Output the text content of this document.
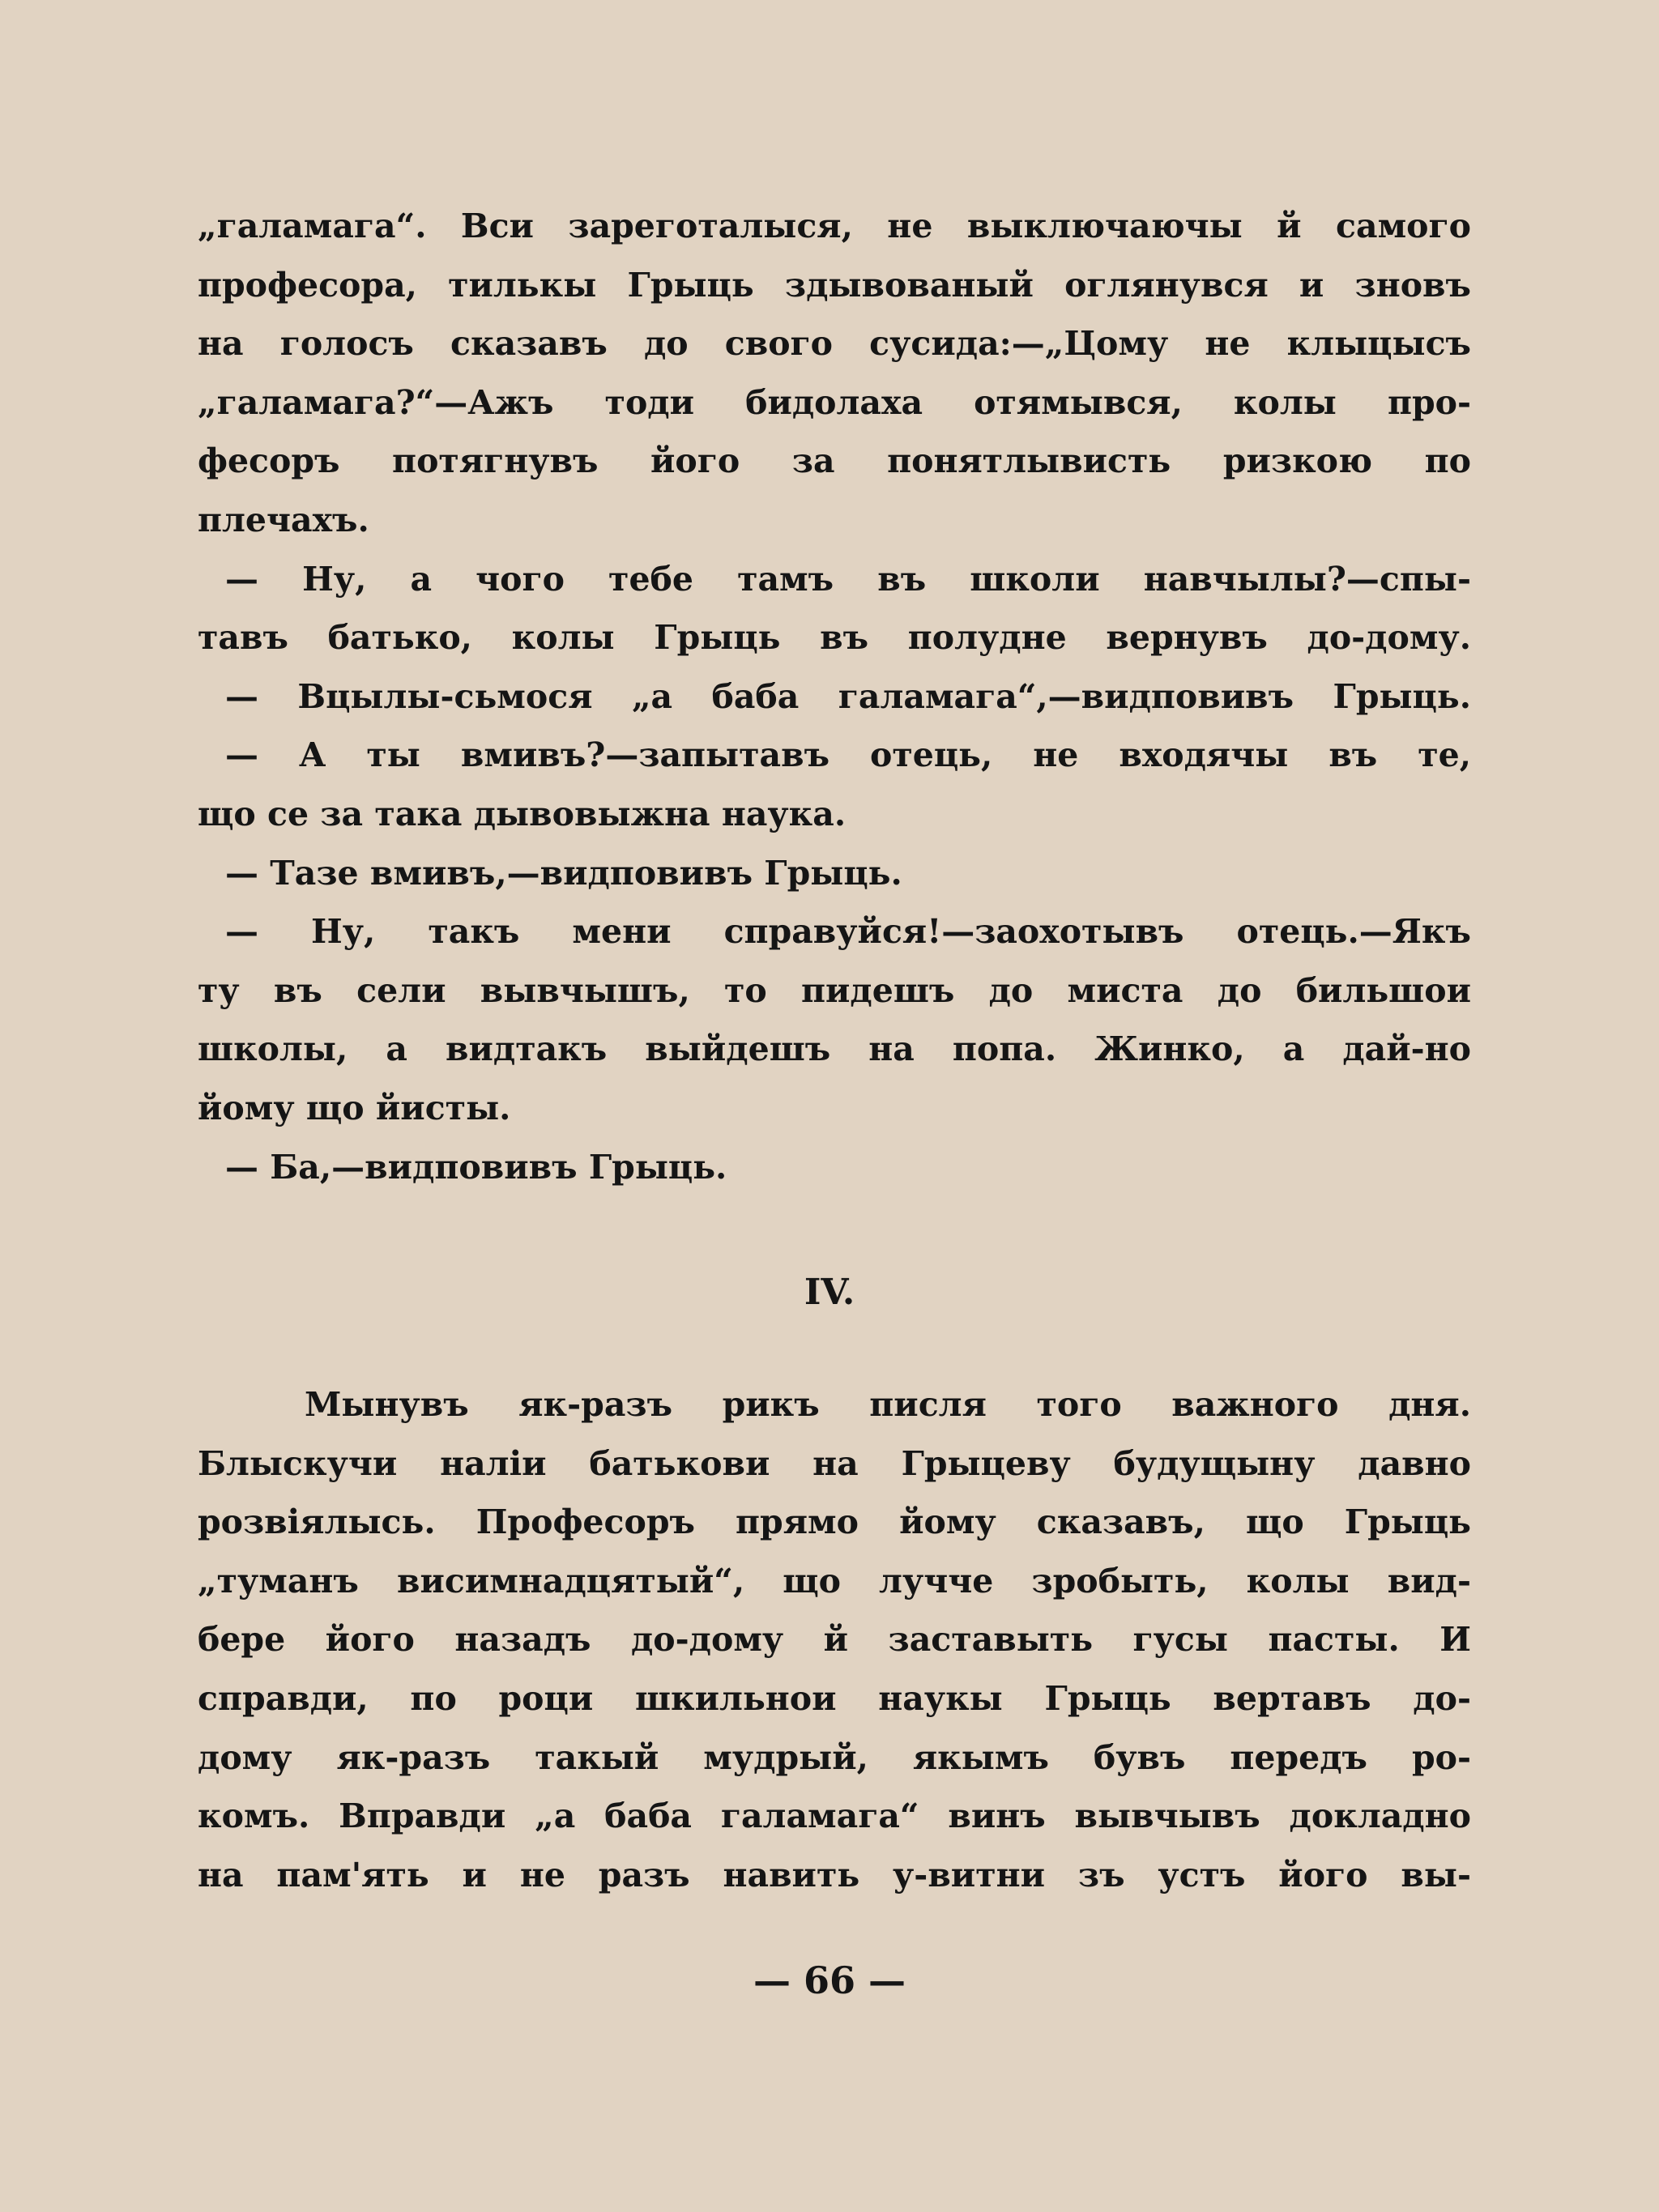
„галамага“. Вси зареготалыся, не выключаючы й самого
професора, тилькы Грыць здывованый оглянувся и зновъ
на голосъ сказавъ до свого сусида:—„Цому не клыцысъ
„галамага?“—Ажъ тоди бидолаха отямывся, колы про-
фесоръ потягнувъ його за понятлывисть ризкою по
плечахъ.
— Ну, а чого тебе тамъ въ школи навчылы?—спы-
тавъ батько, колы Грыць въ полудне вернувъ до-дому.
— Вцылы-сьмося „а баба галамага“,—видповивъ Грыць.
— А ты вмивъ?—запытавъ отець, не входячы въ те,
що се за така дывовыжна наука.
— Тазе вмивъ,—видповивъ Грыць.
— Ну, такъ мени справуйся!—заохотывъ отець.—Якъ
ту въ сели вывчышъ, то пидешъ до миста до бильшои
школы, а видтакъ выйдешъ на попа. Жинко, а дай-но
йому що йисты.
— Ба,—видповивъ Грыць.
IV.
Мынувъ як-разъ рикъ писля того важного дня.
Блыскучи наліи батькови на Грыцеву будущыну давно
розвіялысь. Професоръ прямо йому сказавъ, що Грыць
„туманъ висимнадцятый“, що лучче зробыть, колы вид-
бере його назадъ до-дому й заставыть гусы пасты. И
справди, по роци шкильнои наукы Грыць вертавъ до-
дому як-разъ такый мудрый, якымъ бувъ передъ ро-
комъ. Вправди „а баба галамага“ винъ вывчывъ докладно
на пам'ять и не разъ навить у-витни зъ устъ його вы-
— 66 —
